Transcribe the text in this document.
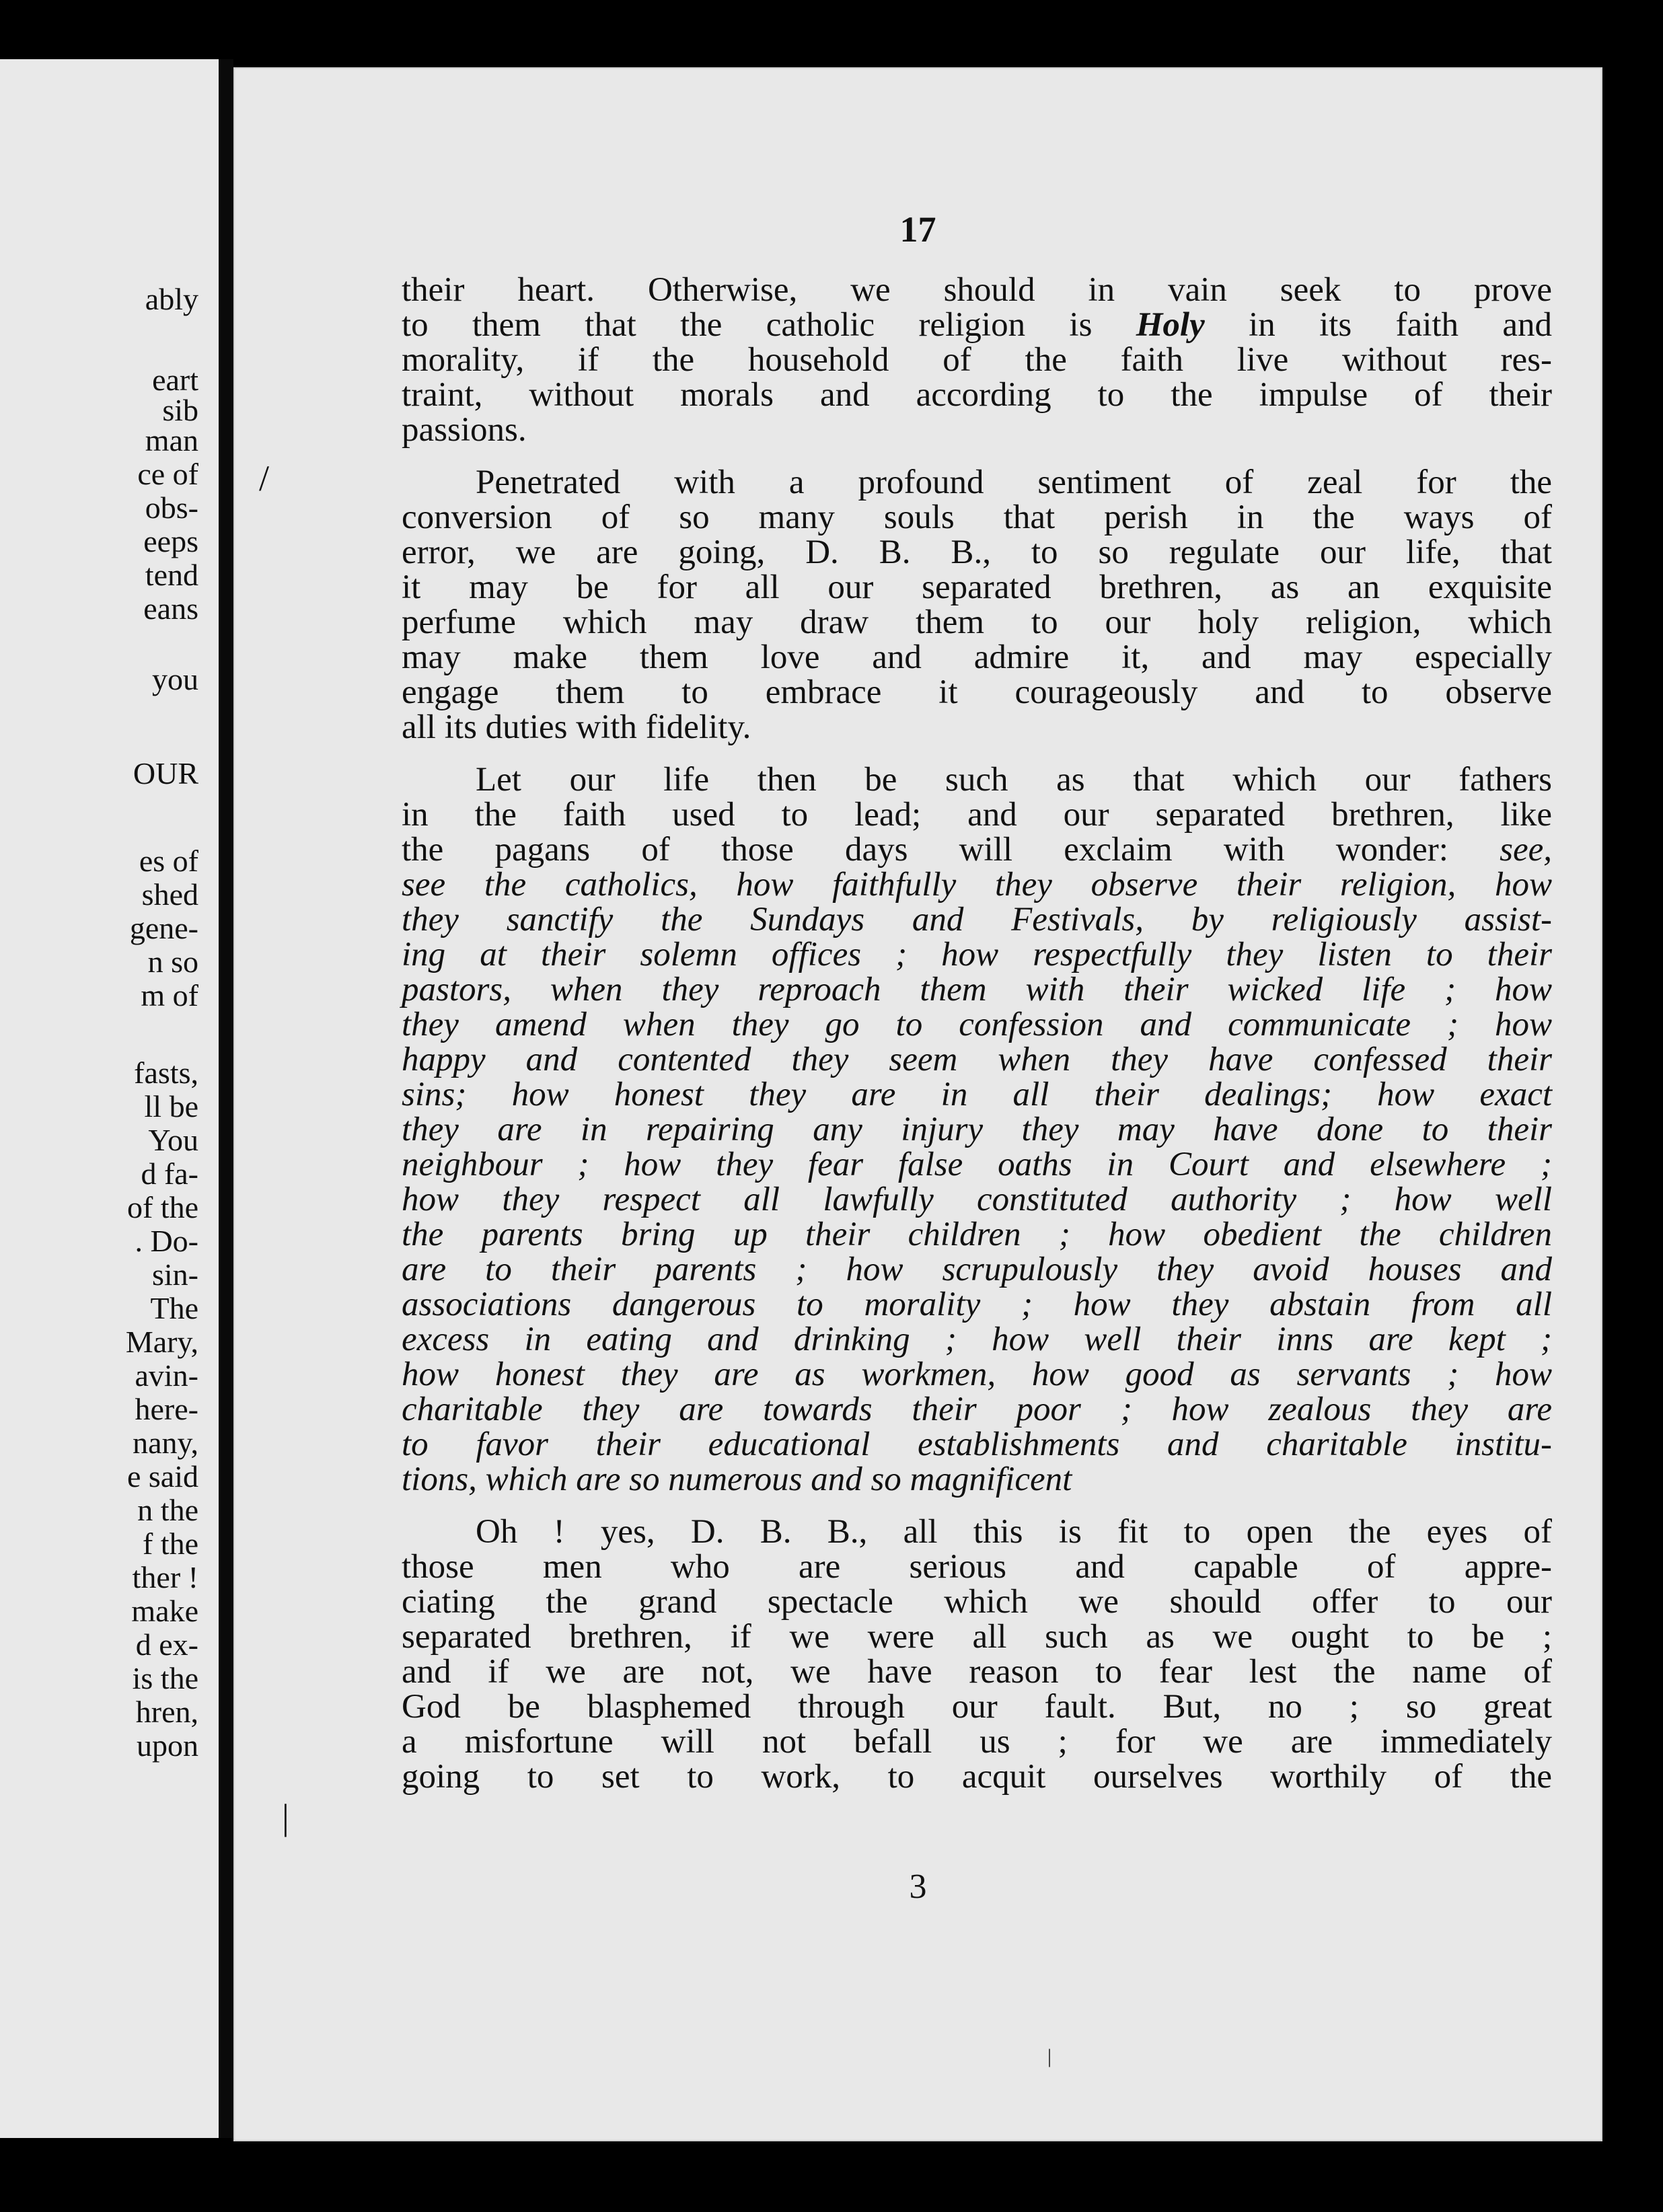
ably
eart
sib
man
ce of
obs-
eeps
tend
eans
you
OUR
es of
shed
gene-
n so
m of
fasts,
ll be
You
d fa-
of the
. Do-
sin-
The
Mary,
avin-
here-
nany,
e said
n the
f the
ther !
make
d ex-
is the
hren,
upon
17
their heart. Otherwise, we should in vain seek to prove
to them that the catholic religion is Holy in its faith and
morality, if the household of the faith live without res-
traint, without morals and according to the impulse of their
passions.
Penetrated with a profound sentiment of zeal for the
conversion of so many souls that perish in the ways of
error, we are going, D. B. B., to so regulate our life, that
it may be for all our separated brethren, as an exquisite
perfume which may draw them to our holy religion, which
may make them love and admire it, and may especially
engage them to embrace it courageously and to observe
all its duties with fidelity.
Let our life then be such as that which our fathers
in the faith used to lead; and our separated brethren, like
the pagans of those days will exclaim with wonder: see,
see the catholics, how faithfully they observe their religion, how
they sanctify the Sundays and Festivals, by religiously assist-
ing at their solemn offices ; how respectfully they listen to their
pastors, when they reproach them with their wicked life ; how
they amend when they go to confession and communicate ; how
happy and contented they seem when they have confessed their
sins; how honest they are in all their dealings; how exact
they are in repairing any injury they may have done to their
neighbour ; how they fear false oaths in Court and elsewhere ;
how they respect all lawfully constituted authority ; how well
the parents bring up their children ; how obedient the children
are to their parents ; how scrupulously they avoid houses and
associations dangerous to morality ; how they abstain from all
excess in eating and drinking ; how well their inns are kept ;
how honest they are as workmen, how good as servants ; how
charitable they are towards their poor ; how zealous they are
to favor their educational establishments and charitable institu-
tions, which are so numerous and so magnificent
Oh ! yes, D. B. B., all this is fit to open the eyes of
those men who are serious and capable of appre-
ciating the grand spectacle which we should offer to our
separated brethren, if we were all such as we ought to be ;
and if we are not, we have reason to fear lest the name of
God be blasphemed through our fault. But, no ; so great
a misfortune will not befall us ; for we are immediately
going to set to work, to acquit ourselves worthily of the
3
/
|
|
